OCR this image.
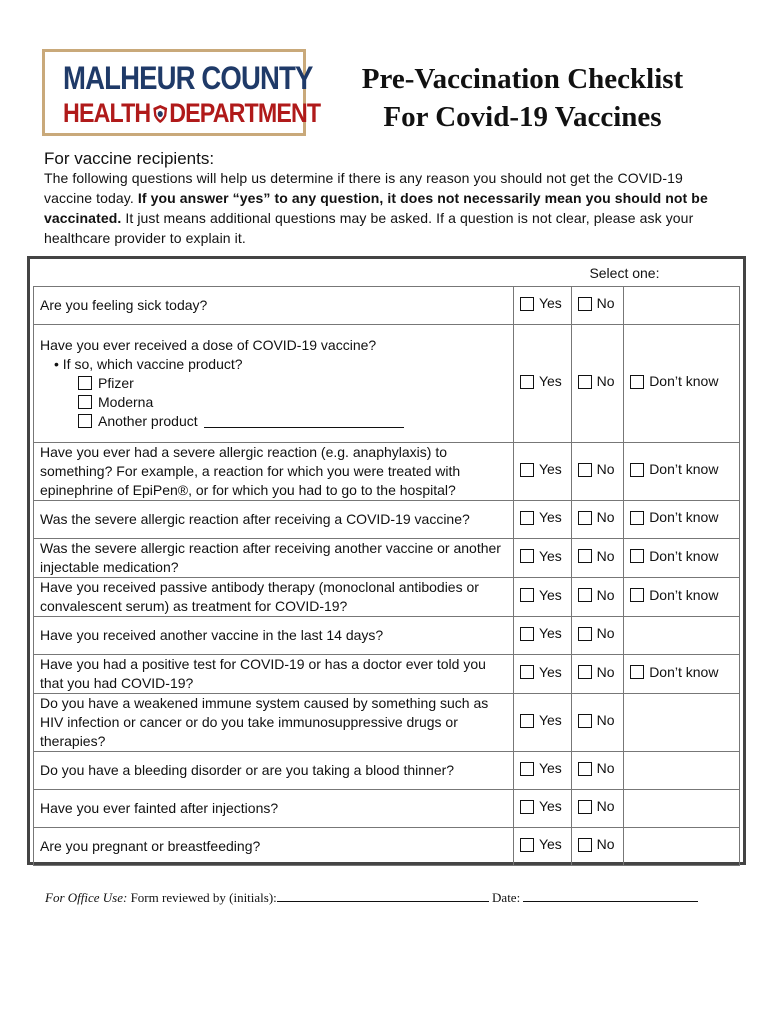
MALHEUR COUNTY
HEALTH DEPARTMENT
Pre-Vaccination Checklist
For Covid-19 Vaccines
For vaccine recipients:
The following questions will help us determine if there is any reason you should not get the COVID-19 vaccine today. If you answer “yes” to any question, it does not necessarily mean you should not be vaccinated. It just means additional questions may be asked. If a question is not clear, please ask your healthcare provider to explain it.
	Select one:		
Are you feeling sick today?	Yes	No	

Have you ever received a dose of COVID-19 vaccine?
• If so, which vaccine product?
Pfizer
Moderna
Another product	Yes	No	Don’t know

Have you ever had a severe allergic reaction (e.g. anaphylaxis) to something? For example, a reaction for which you were treated with epinephrine of EpiPen®, or for which you had to go to the hospital?	Yes	No	Don’t know

Was the severe allergic reaction after receiving a COVID-19 vaccine?	Yes	No	Don’t know

Was the severe allergic reaction after receiving another vaccine or another injectable medication?	Yes	No	Don’t know

Have you received passive antibody therapy (monoclonal antibodies or convalescent serum) as treatment for COVID-19?	Yes	No	Don’t know

Have you received another vaccine in the last 14 days?	Yes	No	

Have you had a positive test for COVID-19 or has a doctor ever told you that you had COVID-19?	Yes	No	Don’t know

Do you have a weakened immune system caused by something such as HIV infection or cancer or do you take immunosuppressive drugs or therapies?	Yes	No	

Do you have a bleeding disorder or are you taking a blood thinner?	Yes	No	

Have you ever fainted after injections?	Yes	No	

Are you pregnant or breastfeeding?	Yes	No	

For Office Use: Form reviewed by (initials):	Date:
